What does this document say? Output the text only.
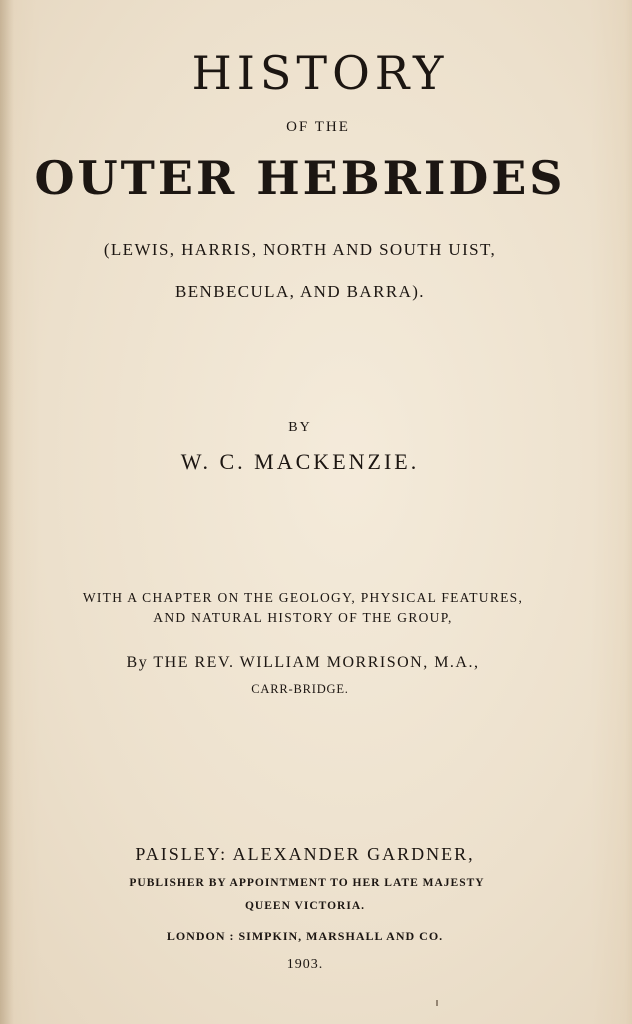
HISTORY

OF THE

OUTER HEBRIDES

(LEWIS, HARRIS, NORTH AND SOUTH UIST,

BENBECULA, AND BARRA).

BY

W. C. MACKENZIE.

WITH A CHAPTER ON THE GEOLOGY, PHYSICAL FEATURES,

AND NATURAL HISTORY OF THE GROUP,

By THE REV. WILLIAM MORRISON, M.A.,

CARR-BRIDGE.

PAISLEY: ALEXANDER GARDNER,

PUBLISHER BY APPOINTMENT TO HER LATE MAJESTY

QUEEN VICTORIA.

LONDON : SIMPKIN, MARSHALL AND CO.

1903.
